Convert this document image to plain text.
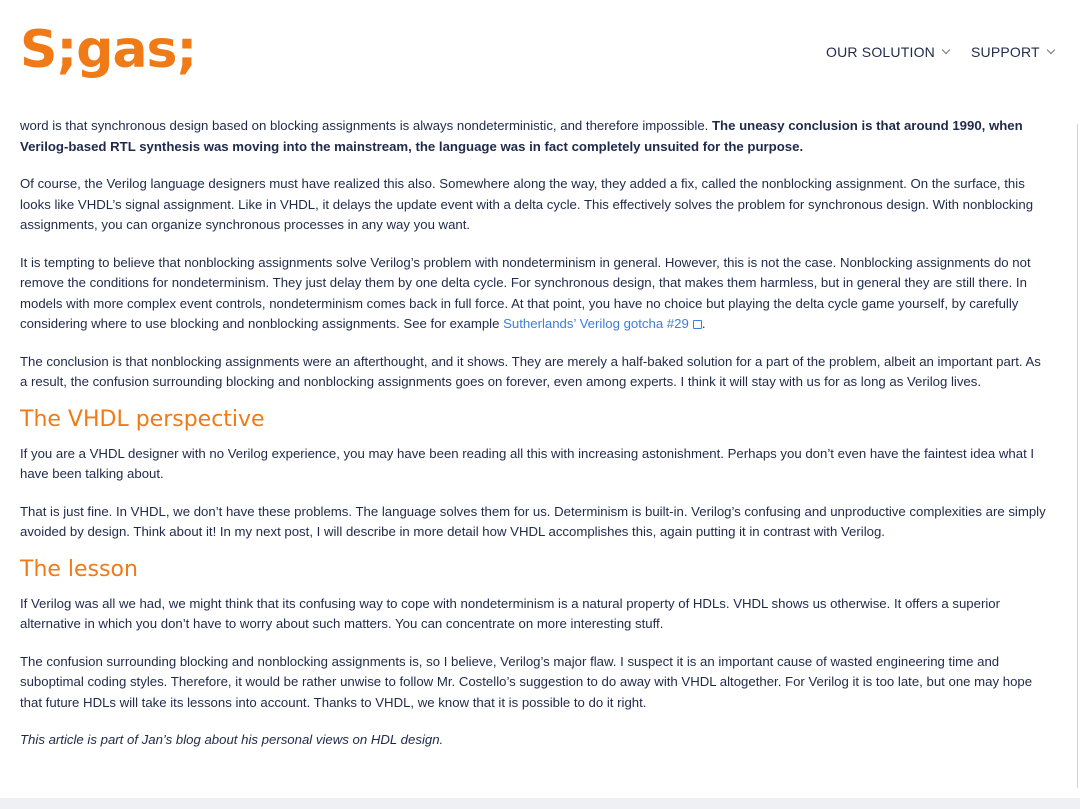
S;gas;	OUR SOLUTION	SUPPORT

word is that synchronous design based on blocking assignments is always nondeterministic, and therefore impossible. The uneasy conclusion is that around 1990, when Verilog-based RTL synthesis was moving into the mainstream, the language was in fact completely unsuited for the purpose.

Of course, the Verilog language designers must have realized this also. Somewhere along the way, they added a fix, called the nonblocking assignment. On the surface, this looks like VHDL’s signal assignment. Like in VHDL, it delays the update event with a delta cycle. This effectively solves the problem for synchronous design. With nonblocking assignments, you can organize synchronous processes in any way you want.

It is tempting to believe that nonblocking assignments solve Verilog’s problem with nondeterminism in general. However, this is not the case. Nonblocking assignments do not remove the conditions for nondeterminism. They just delay them by one delta cycle. For synchronous design, that makes them harmless, but in general they are still there. In models with more complex event controls, nondeterminism comes back in full force. At that point, you have no choice but playing the delta cycle game yourself, by carefully considering where to use blocking and nonblocking assignments. See for example Sutherlands’ Verilog gotcha #29 .

The conclusion is that nonblocking assignments were an afterthought, and it shows. They are merely a half-baked solution for a part of the problem, albeit an important part. As a result, the confusion surrounding blocking and nonblocking assignments goes on forever, even among experts. I think it will stay with us for as long as Verilog lives.

The VHDL perspective

If you are a VHDL designer with no Verilog experience, you may have been reading all this with increasing astonishment. Perhaps you don’t even have the faintest idea what I have been talking about.

That is just fine. In VHDL, we don’t have these problems. The language solves them for us. Determinism is built-in. Verilog’s confusing and unproductive complexities are simply avoided by design. Think about it! In my next post, I will describe in more detail how VHDL accomplishes this, again putting it in contrast with Verilog.

The lesson

If Verilog was all we had, we might think that its confusing way to cope with nondeterminism is a natural property of HDLs. VHDL shows us otherwise. It offers a superior alternative in which you don’t have to worry about such matters. You can concentrate on more interesting stuff.

The confusion surrounding blocking and nonblocking assignments is, so I believe, Verilog’s major flaw. I suspect it is an important cause of wasted engineering time and suboptimal coding styles. Therefore, it would be rather unwise to follow Mr. Costello’s suggestion to do away with VHDL altogether. For Verilog it is too late, but one may hope that future HDLs will take its lessons into account. Thanks to VHDL, we know that it is possible to do it right.

This article is part of Jan’s blog about his personal views on HDL design.
